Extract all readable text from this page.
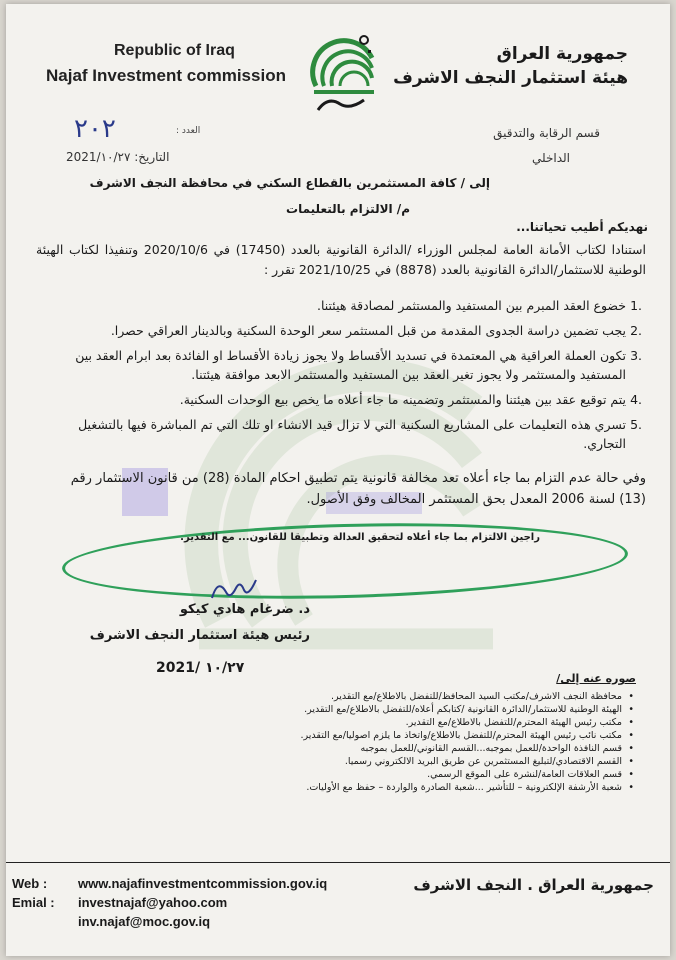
Republic of Iraq
Najaf Investment commission
جمهورية العراق
هيئة استثمار النجف الاشرف
قسم الرقابة والتدقيق
الداخلي
٢٠٢	العدد :
التاريخ: 2021/١٠/٢٧
إلى / كافة المستثمرين بالقطاع السكني في محافظة النجف الاشرف
م/ الالتزام بالتعليمات
نهديكم أطيب تحياتنا...
استنادا لكتاب الأمانة العامة لمجلس الوزراء /الدائرة القانونية بالعدد (17450) في 2020/10/6 وتنفيذا لكتاب الهيئة الوطنية للاستثمار/الدائرة القانونية بالعدد (8878) في 2021/10/25 تقرر :
.1
خضوع العقد المبرم بين المستفيد والمستثمر لمصادقة هيئتنا.
.2
يجب تضمين دراسة الجدوى المقدمة من قبل المستثمر سعر الوحدة السكنية وبالدينار العراقي حصرا.
.3
تكون العملة العراقية هي المعتمدة في تسديد الأقساط ولا يجوز زيادة الأقساط او الفائدة بعد ابرام العقد بين المستفيد والمستثمر ولا يجوز تغير العقد بين المستفيد والمستثمر الابعد موافقة هيئتنا.
.4
يتم توقيع عقد بين هيئتنا والمستثمر وتضمينه ما جاء أعلاه ما يخص بيع الوحدات السكنية.
.5
تسري هذه التعليمات على المشاريع السكنية التي لا تزال قيد الانشاء او تلك التي تم المباشرة فيها بالتشغيل التجاري.
وفي حالة عدم التزام بما جاء أعلاه تعد مخالفة قانونية يتم تطبيق احكام المادة (28) من قانون الاستثمار رقم (13) لسنة 2006 المعدل بحق المستثمر المخالف وفق الأصول.
راجين الالتزام بما جاء أعلاه لتحقيق العدالة وتطبيقا للقانون... مع التقدير.
د. ضرغام هادي كيكو
رئيس هيئة استثمار النجف الاشرف
2021/ ١٠/٢٧
صوره عنه إلى/
• محافظة النجف الاشرف/مكتب السيد المحافظ/للتفضل بالاطلاع/مع التقدير.
• الهيئة الوطنية للاستثمار/الدائرة القانونية /كتابكم أعلاه/للتفضل بالاطلاع/مع التقدير.
• مكتب رئيس الهيئة المحترم/للتفضل بالاطلاع/مع التقدير.
• مكتب نائب رئيس الهيئة المحترم/للتفضل بالاطلاع/واتخاذ ما يلزم اصوليا/مع التقدير.
• قسم النافذة الواحدة/للعمل بموجبه...القسم القانوني/للعمل بموجبه
• القسم الاقتصادي/لتبليغ المستثمرين عن طريق البريد الالكتروني رسميا.
• قسم العلاقات العامة/لنشرة على الموقع الرسمي.
• شعبة الأرشفة الإلكترونية – للتأشير ...شعبة الصادرة والواردة – حفظ مع الأوليات.
Web : www.najafinvestmentcommission.gov.iq
Emial : investnajaf@yahoo.com
inv.najaf@moc.gov.iq
جمهورية العراق . النجف الاشرف
